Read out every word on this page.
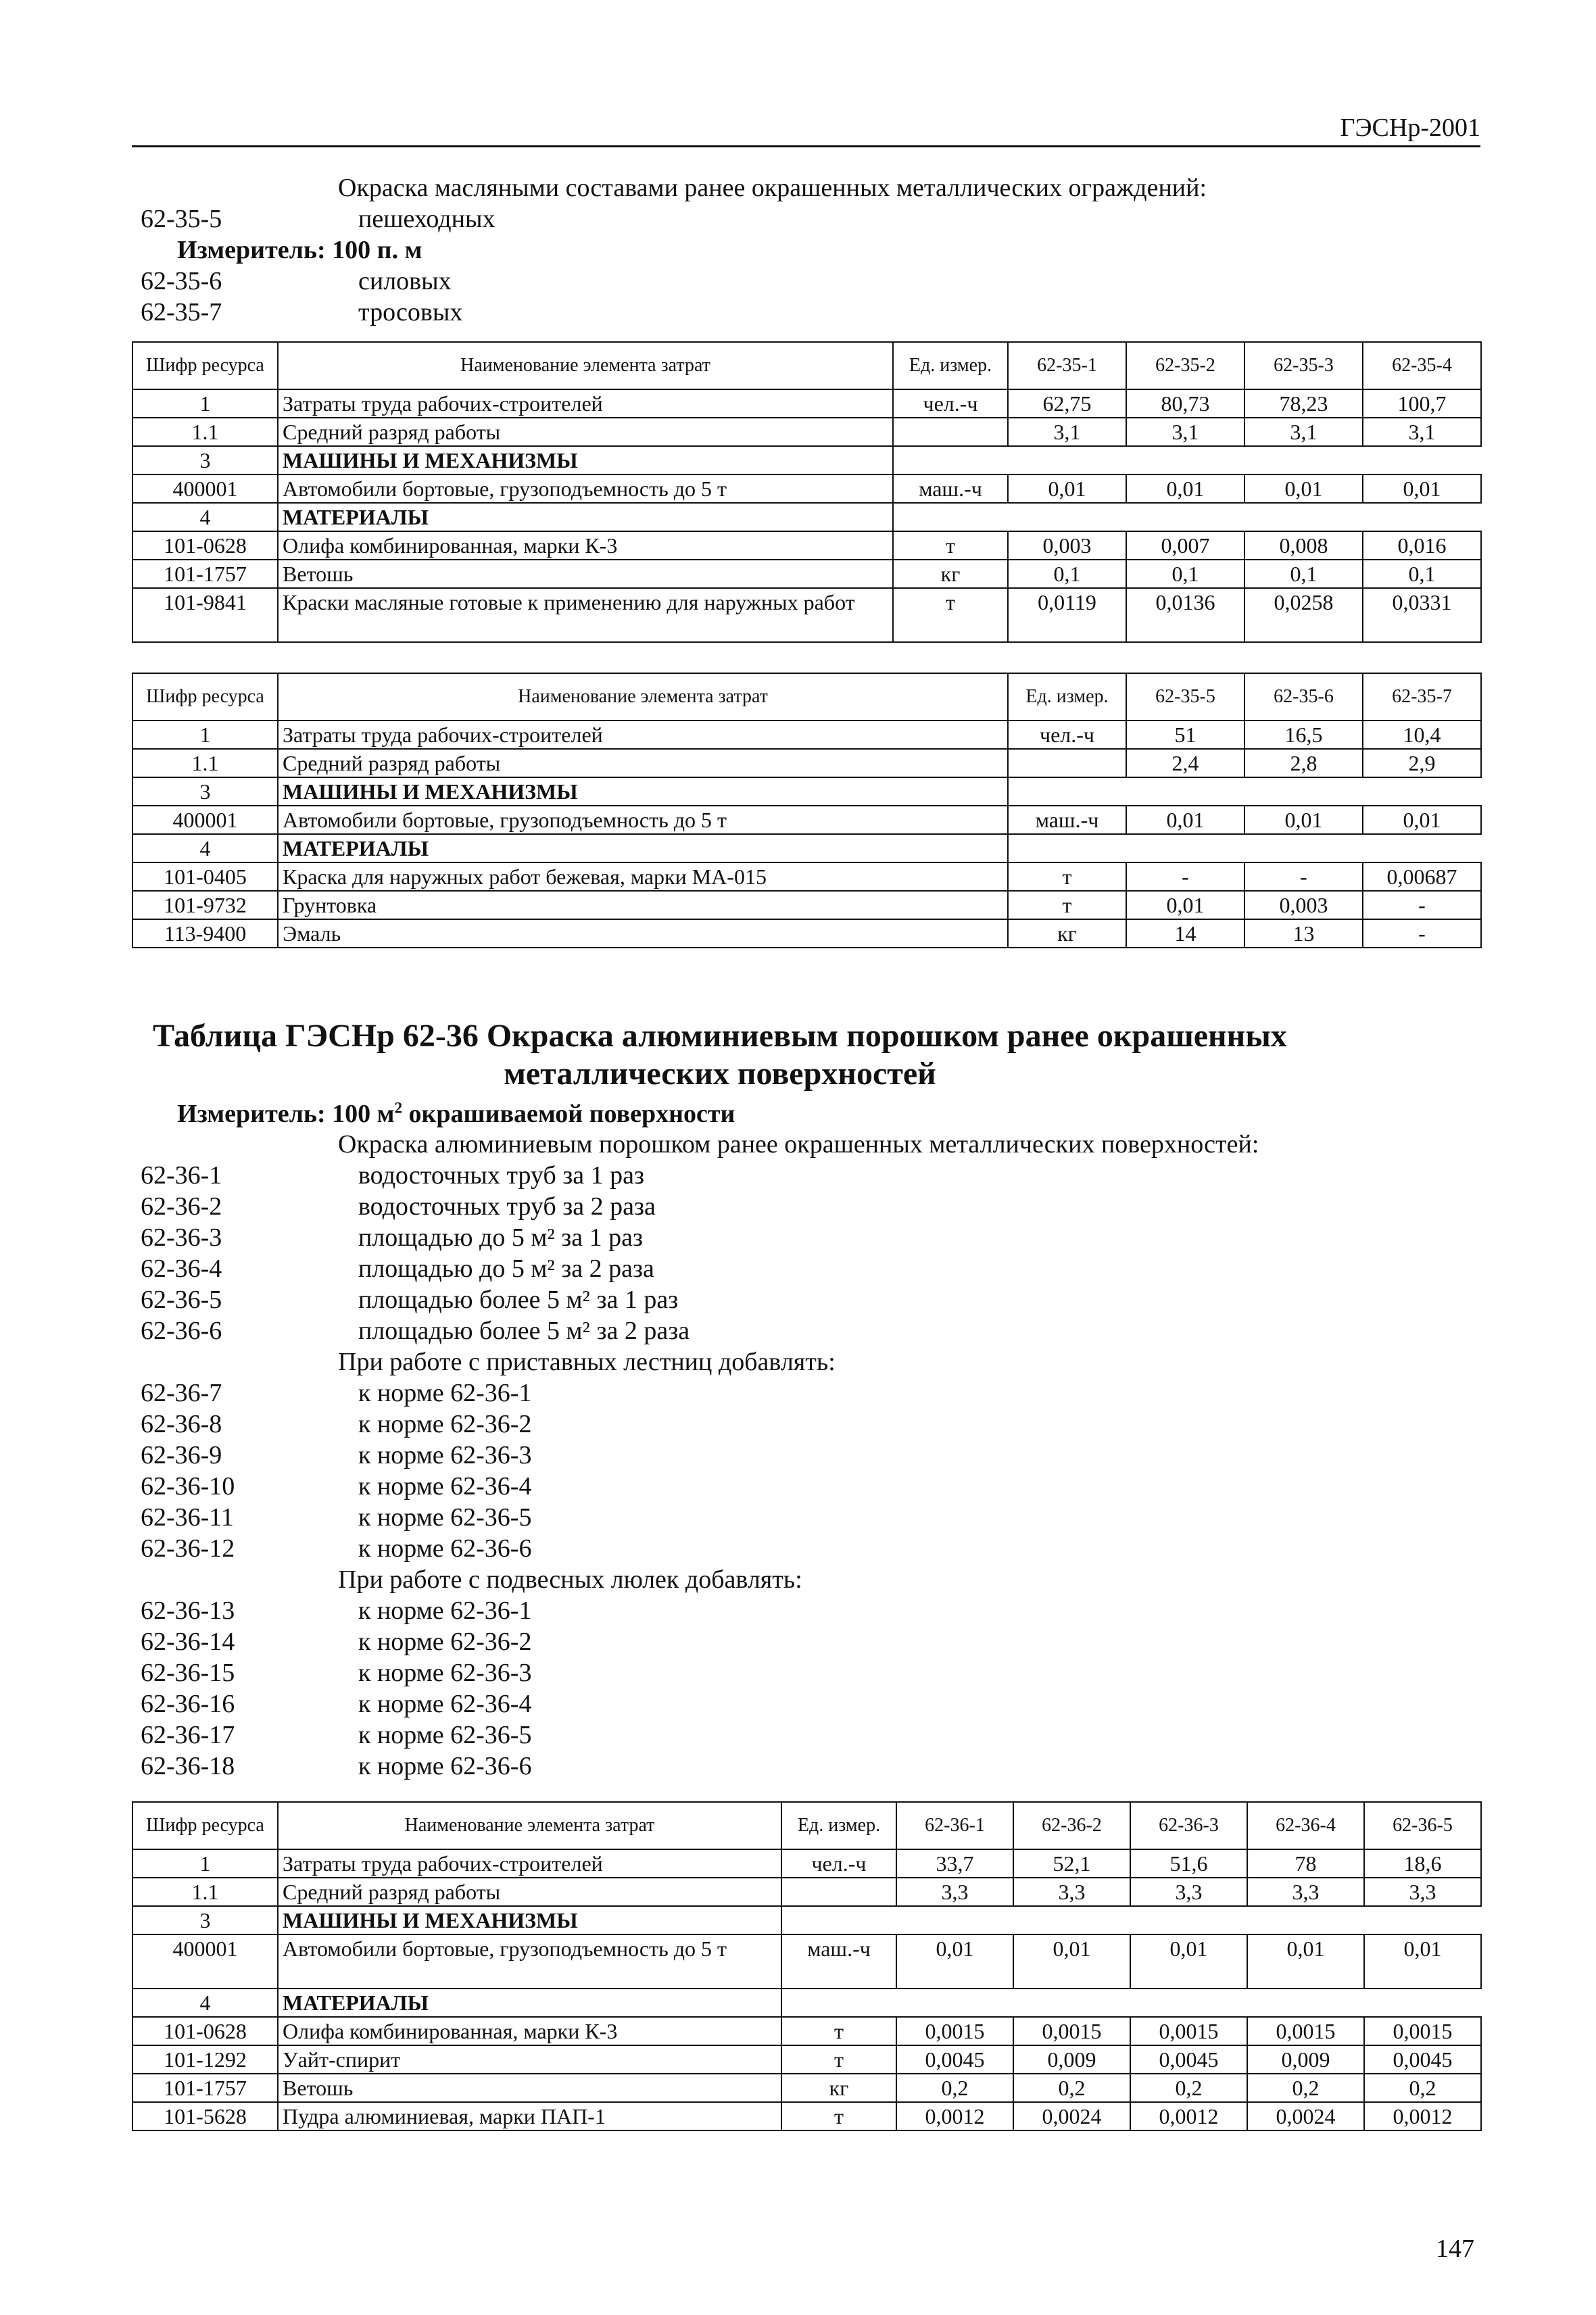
ГЭСНр-2001
Окраска масляными составами ранее окрашенных металлических ограждений:
62-35-5	пешеходных
Измеритель: 100 п. м
62-35-6	силовых
62-35-7	тросовых
Шифр ресурса	Наименование элемента затрат	Ед. измер.	62-35-1	62-35-2	62-35-3	62-35-4
1	Затраты труда рабочих-строителей	чел.-ч	62,75	80,73	78,23	100,7
1.1	Средний разряд работы		3,1	3,1	3,1	3,1
3	МАШИНЫ И МЕХАНИЗМЫ					
400001	Автомобили бортовые, грузоподъемность до 5 т	маш.-ч	0,01	0,01	0,01	0,01
4	МАТЕРИАЛЫ					
101-0628	Олифа комбинированная, марки К-3	т	0,003	0,007	0,008	0,016
101-1757	Ветошь	кг	0,1	0,1	0,1	0,1
101-9841	Краски масляные готовые к применению для наружных работ	т	0,0119	0,0136	0,0258	0,0331
Шифр ресурса	Наименование элемента затрат	Ед. измер.	62-35-5	62-35-6	62-35-7
1	Затраты труда рабочих-строителей	чел.-ч	51	16,5	10,4
1.1	Средний разряд работы		2,4	2,8	2,9
3	МАШИНЫ И МЕХАНИЗМЫ				
400001	Автомобили бортовые, грузоподъемность до 5 т	маш.-ч	0,01	0,01	0,01
4	МАТЕРИАЛЫ				
101-0405	Краска для наружных работ бежевая, марки МА-015	т	-	-	0,00687
101-9732	Грунтовка	т	0,01	0,003	-
113-9400	Эмаль	кг	14	13	-
Таблица ГЭСНр 62-36 Окраска алюминиевым порошком ранее окрашенных
металлических поверхностей
Измеритель: 100 $м^2$ окрашиваемой поверхности
Окраска алюминиевым порошком ранее окрашенных металлических поверхностей:
62-36-1	водосточных труб за 1 раз
62-36-2	водосточных труб за 2 раза
62-36-3	площадью до 5 м² за 1 раз
62-36-4	площадью до 5 м² за 2 раза
62-36-5	площадью более 5 м² за 1 раз
62-36-6	площадью более 5 м² за 2 раза
При работе с приставных лестниц добавлять:
62-36-7	к норме 62-36-1
62-36-8	к норме 62-36-2
62-36-9	к норме 62-36-3
62-36-10	к норме 62-36-4
62-36-11	к норме 62-36-5
62-36-12	к норме 62-36-6
При работе с подвесных люлек добавлять:
62-36-13	к норме 62-36-1
62-36-14	к норме 62-36-2
62-36-15	к норме 62-36-3
62-36-16	к норме 62-36-4
62-36-17	к норме 62-36-5
62-36-18	к норме 62-36-6
Шифр ресурса	Наименование элемента затрат	Ед. измер.	62-36-1	62-36-2	62-36-3	62-36-4	62-36-5
1	Затраты труда рабочих-строителей	чел.-ч	33,7	52,1	51,6	78	18,6
1.1	Средний разряд работы		3,3	3,3	3,3	3,3	3,3
3	МАШИНЫ И МЕХАНИЗМЫ						
400001	Автомобили бортовые, грузоподъемность до 5 т	маш.-ч	0,01	0,01	0,01	0,01	0,01
4	МАТЕРИАЛЫ						
101-0628	Олифа комбинированная, марки К-3	т	0,0015	0,0015	0,0015	0,0015	0,0015
101-1292	Уайт-спирит	т	0,0045	0,009	0,0045	0,009	0,0045
101-1757	Ветошь	кг	0,2	0,2	0,2	0,2	0,2
101-5628	Пудра алюминиевая, марки ПАП-1	т	0,0012	0,0024	0,0012	0,0024	0,0012
147
